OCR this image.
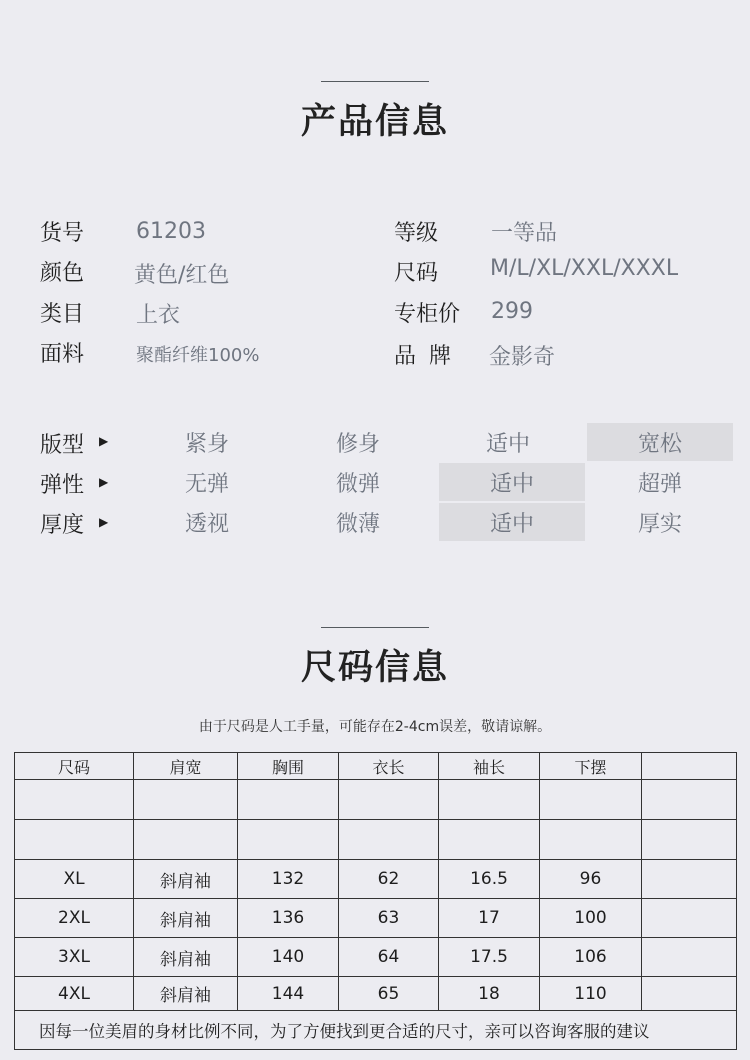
产品信息
货号 61203
颜色 黄色/红色
类目 上衣
面料	聚酯纤维100%
等级 一等品
尺码 M/L/XL/XXL/XXXL
专柜价 299
品 牌 金影奇
版型 ▶	紧身	修身	适中	宽松
弹性 ▶	无弹	微弹	适中	超弹
厚度 ▶	透视	微薄	适中	厚实
尺码信息
由于尺码是人工手量，可能存在2-4cm误差，敬请谅解。
尺码	肩宽	胸围	衣长	袖长	下摆	

XL	斜肩袖	132	62	16.5	96	
2XL	斜肩袖	136	63	17	100	
3XL	斜肩袖	140	64	17.5	106	
4XL	斜肩袖	144	65	18	110	
因每一位美眉的身材比例不同，为了方便找到更合适的尺寸，亲可以咨询客服的建议						
